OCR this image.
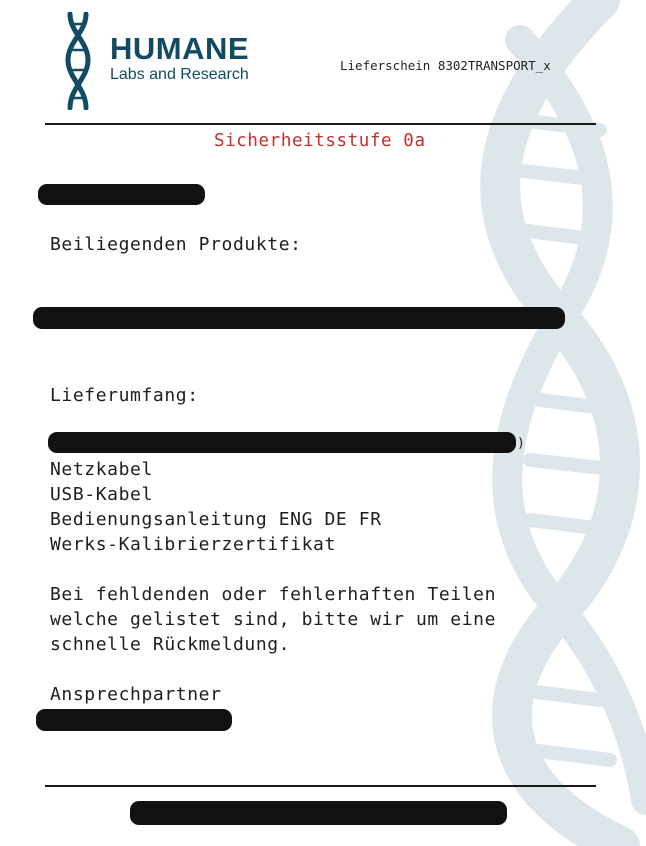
HUMANE
Labs and Research
Lieferschein 8302TRANSPORT_x
Sicherheitsstufe 0a
Beiliegenden Produkte:
Lieferumfang:
)
Netzkabel
USB-Kabel
Bedienungsanleitung ENG DE FR
Werks-Kalibrierzertifikat
Bei fehldenden oder fehlerhaften Teilen
welche gelistet sind, bitte wir um eine
schnelle Rückmeldung.
Ansprechpartner
